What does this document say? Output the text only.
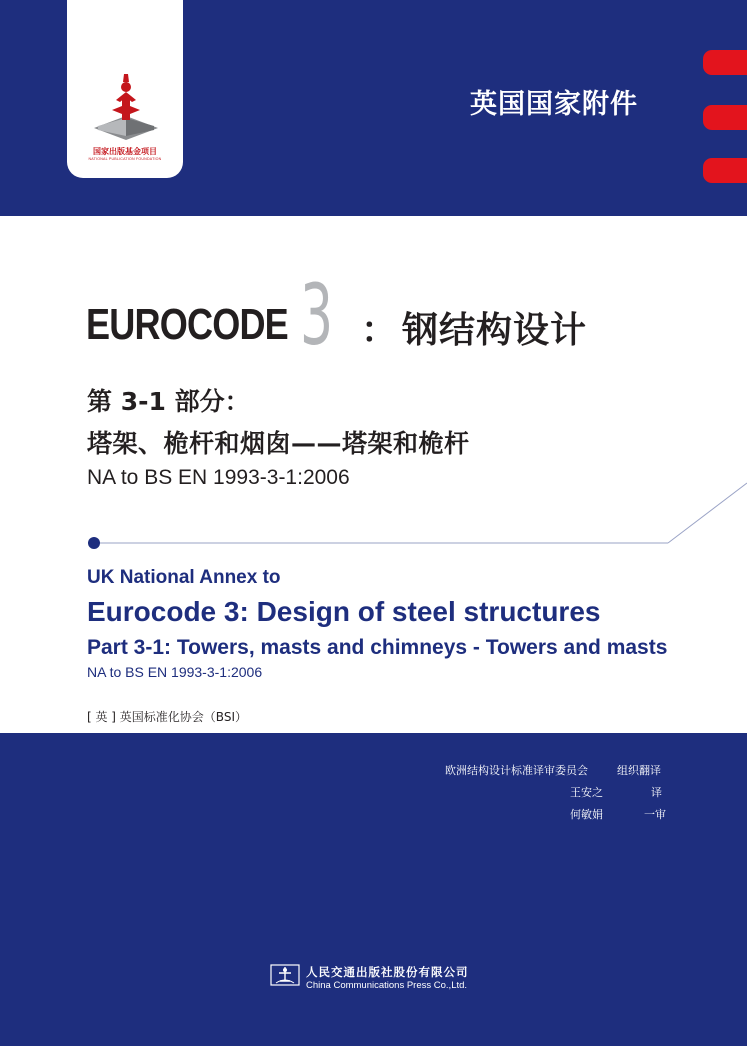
国家出版基金项目
NATIONAL PUBLICATION FOUNDATION
英国国家附件
EUROCODE 3 ： 钢结构设计
第 3-1 部分：
塔架、桅杆和烟囱——塔架和桅杆
NA to BS EN 1993-3-1:2006
UK National Annex to
Eurocode 3: Design of steel structures
Part 3-1: Towers, masts and chimneys - Towers and masts
NA to BS EN 1993-3-1:2006
[ 英 ] 英国标准化协会（BSI）
欧洲结构设计标准译审委员会	组织翻译
王安之	译
何敏娟	一审
人民交通出版社股份有限公司
China Communications Press Co.,Ltd.
